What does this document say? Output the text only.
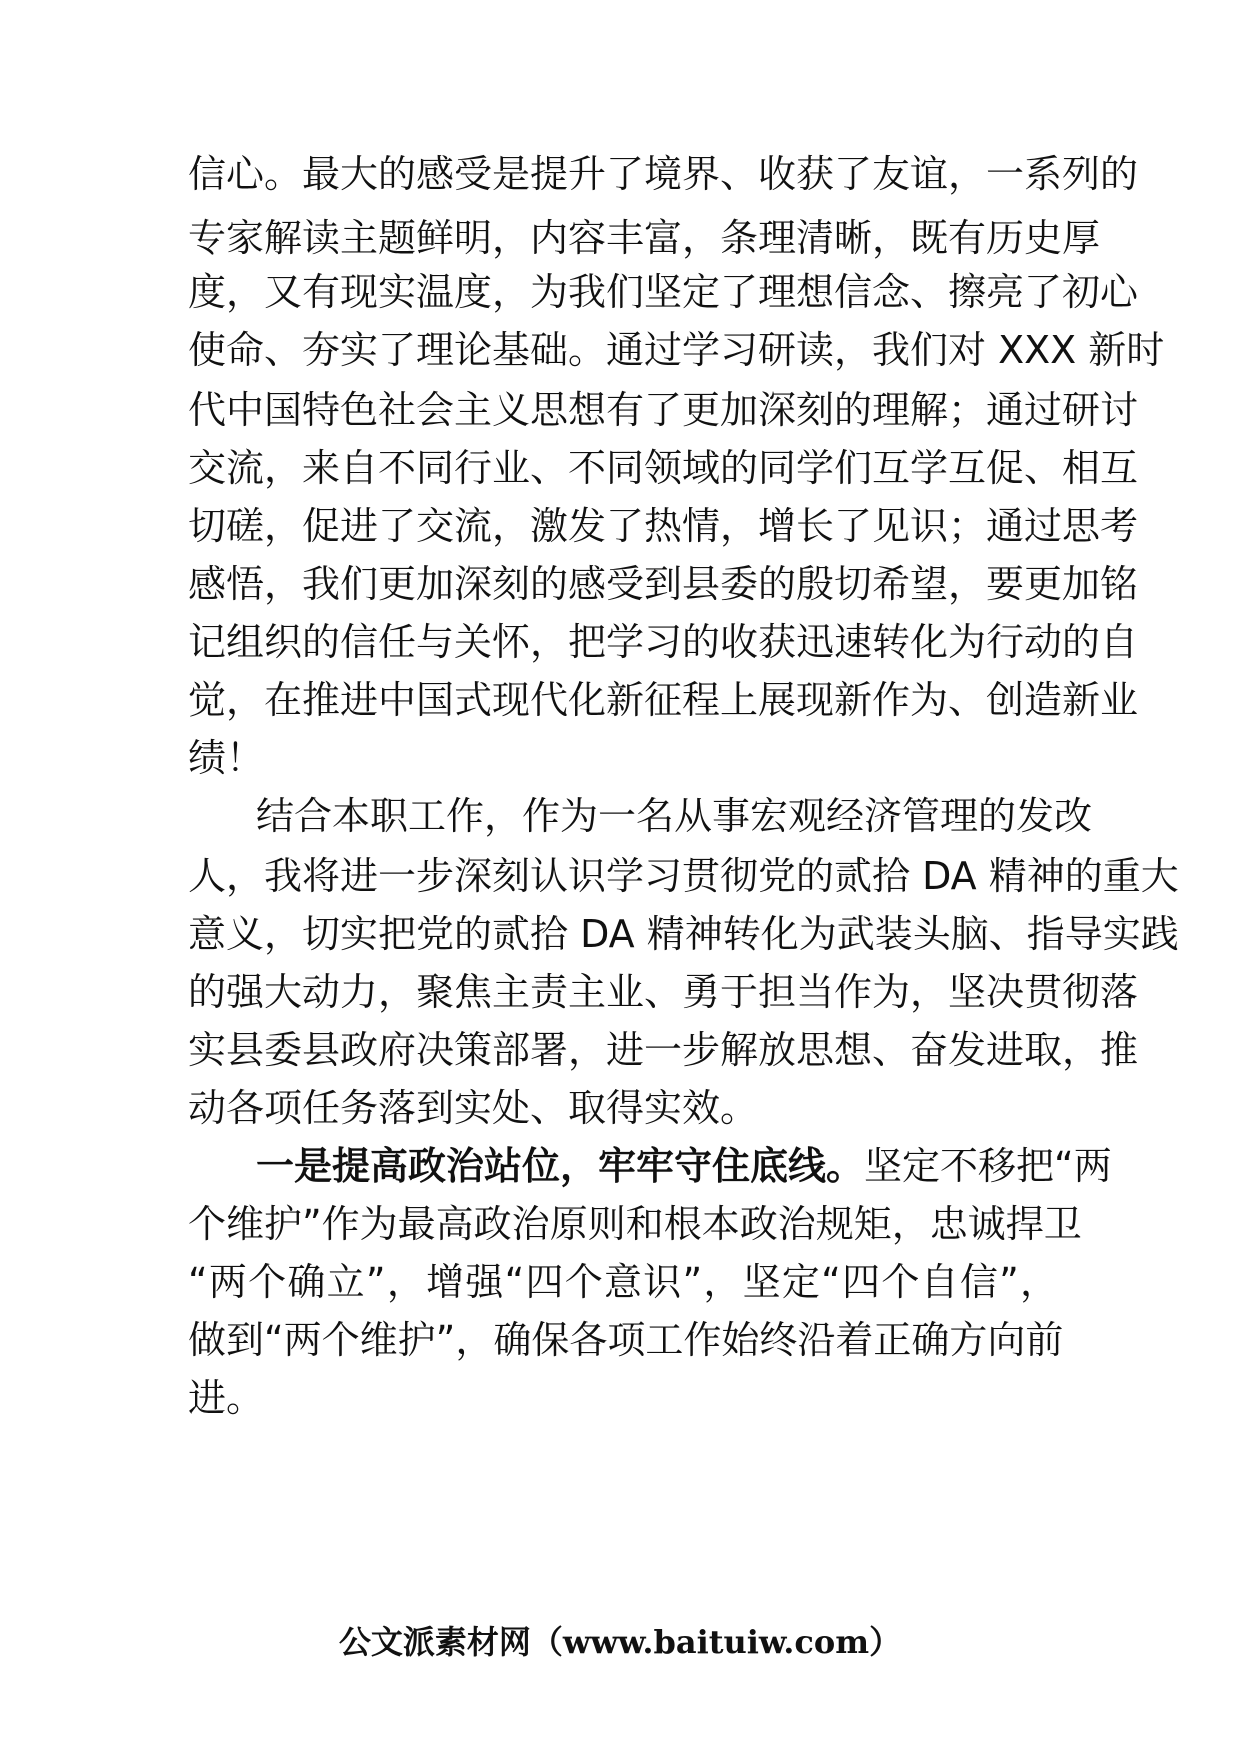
信心。最大的感受是提升了境界、收获了友谊，一系列的
专家解读主题鲜明，内容丰富，条理清晰，既有历史厚
度，又有现实温度，为我们坚定了理想信念、擦亮了初心
使命、夯实了理论基础。通过学习研读，我们对 XXX 新时
代中国特色社会主义思想有了更加深刻的理解；通过研讨
交流，来自不同行业、不同领域的同学们互学互促、相互
切磋，促进了交流，激发了热情，增长了见识；通过思考
感悟，我们更加深刻的感受到县委的殷切希望，要更加铭
记组织的信任与关怀，把学习的收获迅速转化为行动的自
觉，在推进中国式现代化新征程上展现新作为、创造新业
绩！
结合本职工作，作为一名从事宏观经济管理的发改
人，我将进一步深刻认识学习贯彻党的贰拾 DA 精神的重大
意义，切实把党的贰拾 DA 精神转化为武装头脑、指导实践
的强大动力，聚焦主责主业、勇于担当作为，坚决贯彻落
实县委县政府决策部署，进一步解放思想、奋发进取，推
动各项任务落到实处、取得实效。
一是提高政治站位，牢牢守住底线。坚定不移把“两
个维护”作为最高政治原则和根本政治规矩，忠诚捍卫
“两个确立”，增强“四个意识”，坚定“四个自信”，
做到“两个维护”，确保各项工作始终沿着正确方向前
进。
公文派素材网（www.baituiw.com）
